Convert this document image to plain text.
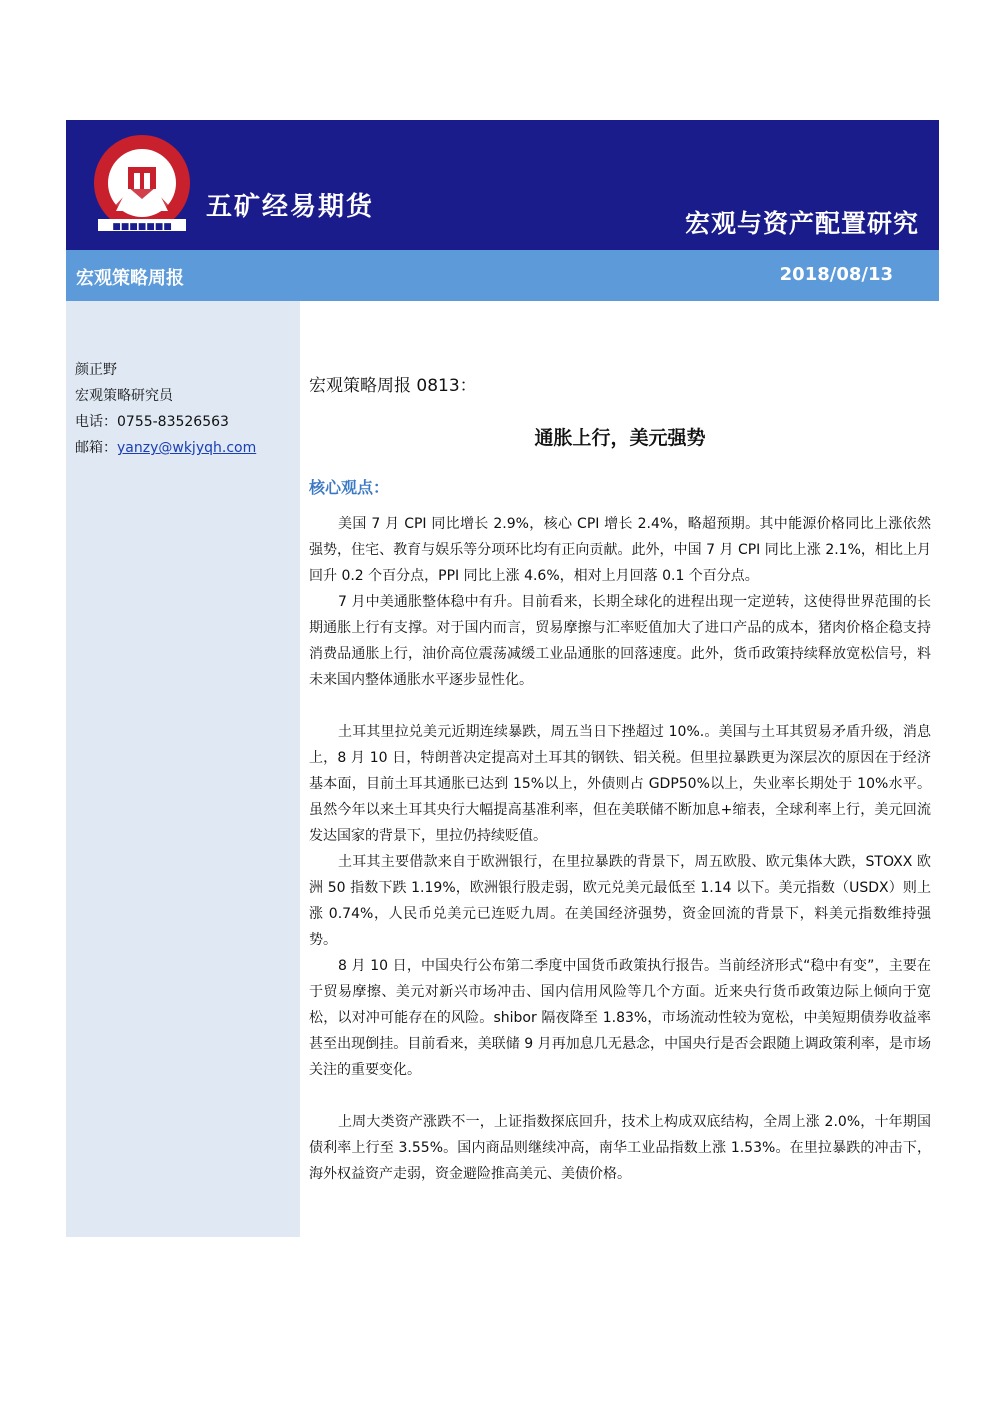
■■■■■■■
五矿经易期货
宏观与资产配置研究
宏观策略周报	2018/08/13
颜正野
宏观策略研究员
电话：0755-83526563
邮箱：yanzy@wkjyqh.com
宏观策略周报 0813：
通胀上行，美元强势
核心观点：

美国 7 月 CPI 同比增长 2.9%，核心 CPI 增长 2.4%，略超预期。其中能源价格同比上涨依然强势，住宅、教育与娱乐等分项环比均有正向贡献。此外，中国 7 月 CPI 同比上涨 2.1%，相比上月回升 0.2 个百分点，PPI 同比上涨 4.6%，相对上月回落 0.1 个百分点。

7 月中美通胀整体稳中有升。目前看来，长期全球化的进程出现一定逆转，这使得世界范围的长期通胀上行有支撑。对于国内而言，贸易摩擦与汇率贬值加大了进口产品的成本，猪肉价格企稳支持消费品通胀上行，油价高位震荡减缓工业品通胀的回落速度。此外，货币政策持续释放宽松信号，料未来国内整体通胀水平逐步显性化。

土耳其里拉兑美元近期连续暴跌，周五当日下挫超过 10%.。美国与土耳其贸易矛盾升级，消息上，8 月 10 日，特朗普决定提高对土耳其的钢铁、铝关税。但里拉暴跌更为深层次的原因在于经济基本面，目前土耳其通胀已达到 15%以上，外债则占 GDP50%以上，失业率长期处于 10%水平。虽然今年以来土耳其央行大幅提高基准利率，但在美联储不断加息+缩表，全球利率上行，美元回流发达国家的背景下，里拉仍持续贬值。

土耳其主要借款来自于欧洲银行，在里拉暴跌的背景下，周五欧股、欧元集体大跌，STOXX 欧洲 50 指数下跌 1.19%，欧洲银行股走弱，欧元兑美元最低至 1.14 以下。美元指数（USDX）则上涨 0.74%，人民币兑美元已连贬九周。在美国经济强势，资金回流的背景下，料美元指数维持强势。

8 月 10 日，中国央行公布第二季度中国货币政策执行报告。当前经济形式“稳中有变”，主要在于贸易摩擦、美元对新兴市场冲击、国内信用风险等几个方面。近来央行货币政策边际上倾向于宽松，以对冲可能存在的风险。shibor 隔夜降至 1.83%，市场流动性较为宽松，中美短期债券收益率甚至出现倒挂。目前看来，美联储 9 月再加息几无悬念，中国央行是否会跟随上调政策利率，是市场关注的重要变化。

上周大类资产涨跌不一，上证指数探底回升，技术上构成双底结构，全周上涨 2.0%，十年期国债利率上行至 3.55%。国内商品则继续冲高，南华工业品指数上涨 1.53%。在里拉暴跌的冲击下，海外权益资产走弱，资金避险推高美元、美债价格。
